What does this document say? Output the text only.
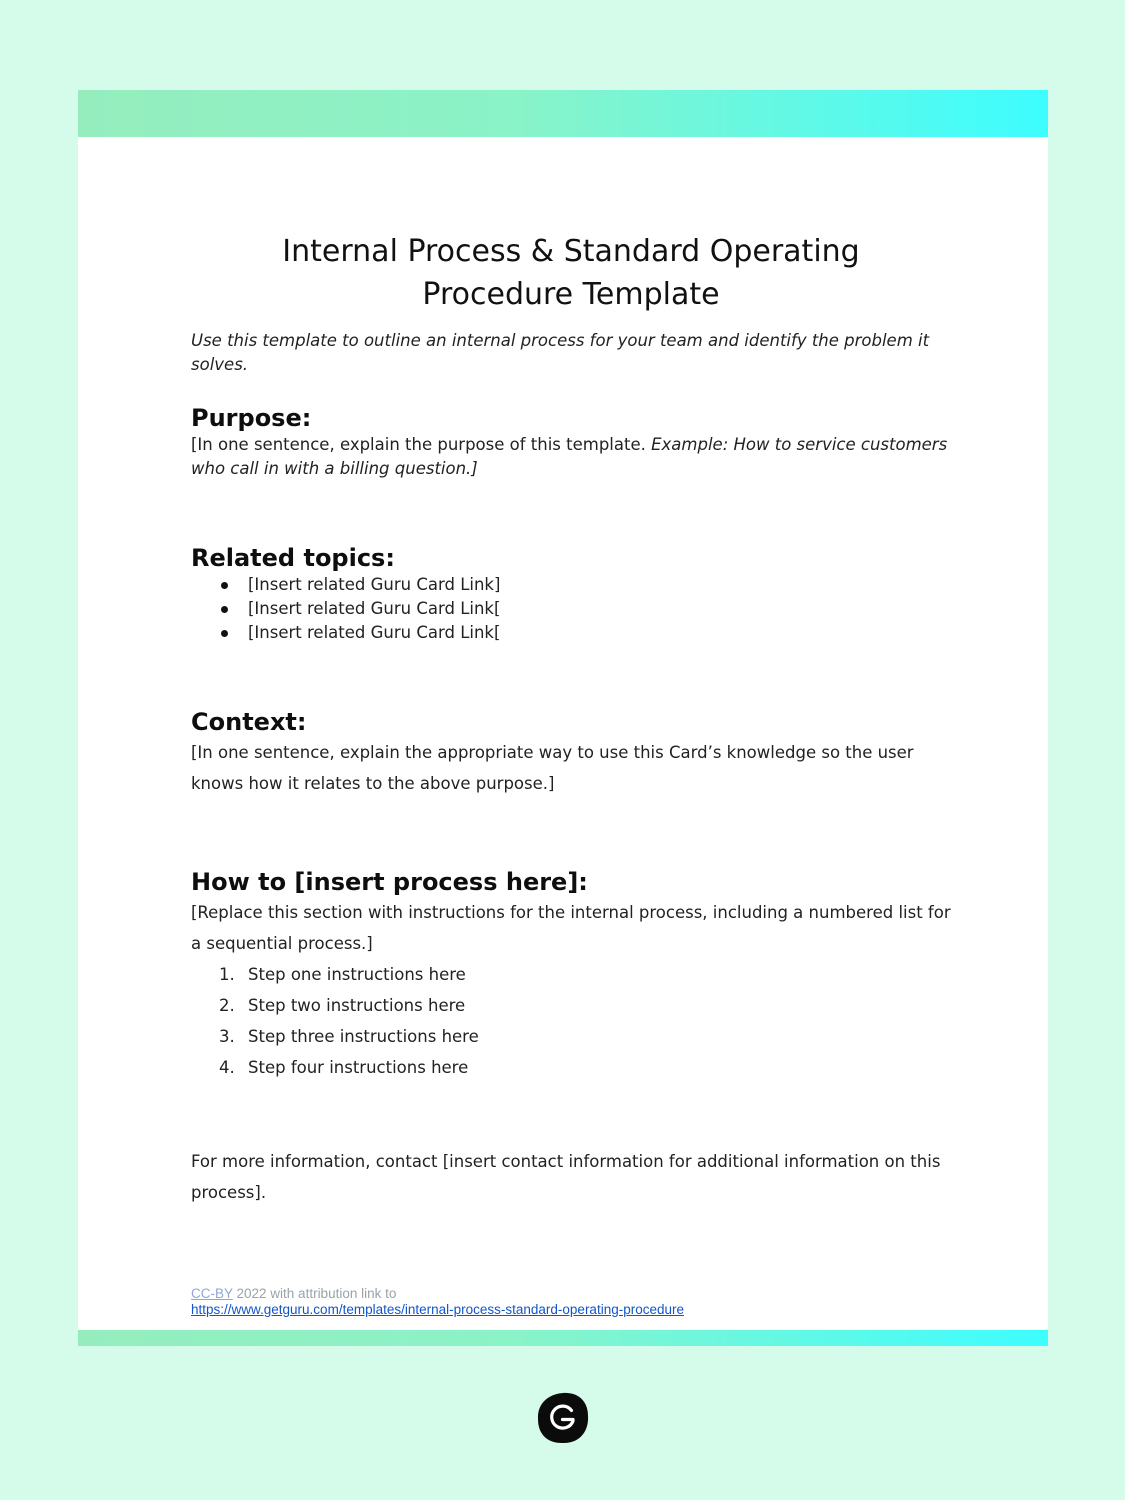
Internal Process & Standard Operating
Procedure Template
Use this template to outline an internal process for your team and identify the problem it solves.
Purpose:
[In one sentence, explain the purpose of this template. Example: How to service customers who call in with a billing question.]
Related topics:
[Insert related Guru Card Link]
[Insert related Guru Card Link[
[Insert related Guru Card Link[
Context:
[In one sentence, explain the appropriate way to use this Card’s knowledge so the user knows how it relates to the above purpose.]
How to [insert process here]:
[Replace this section with instructions for the internal process, including a numbered list for a sequential process.]
1. Step one instructions here
2. Step two instructions here
3. Step three instructions here
4. Step four instructions here
For more information, contact [insert contact information for additional information on this process].
CC-BY 2022 with attribution link to
https://www.getguru.com/templates/internal-process-standard-operating-procedure
